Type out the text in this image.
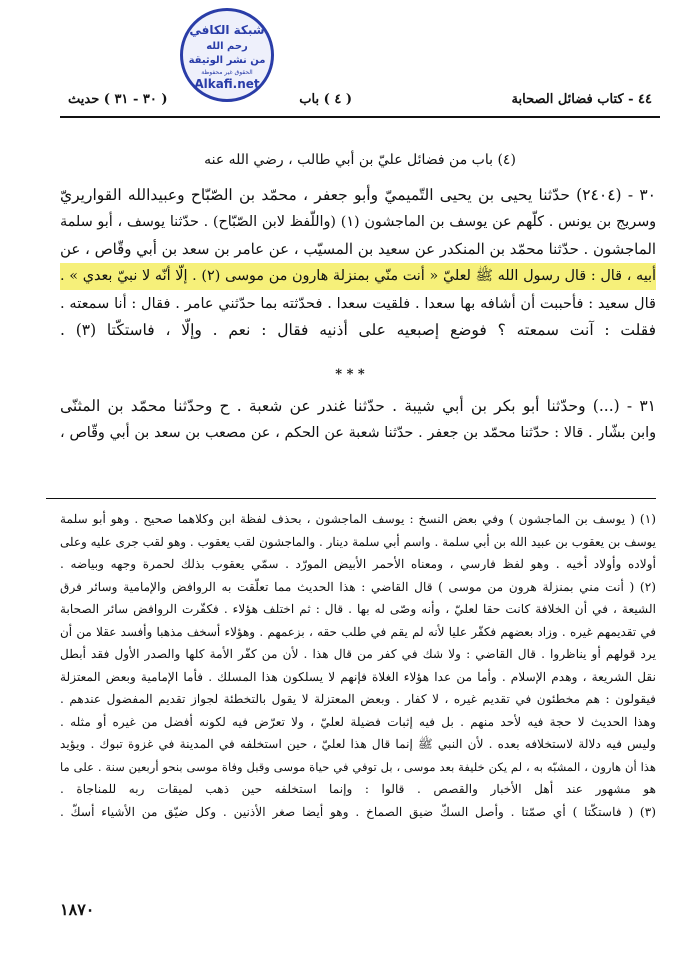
شبكة الكافي
رحم الله
من نشر الوثيقة
الحقوق غير محفوظة
Alkafi.net
٤٤ - كتاب فضائل الصحابة
( ٤ ) باب
( ٣٠ - ٣١ ) حديث
(٤) باب من فضائل عليّ بن أبي طالب ، رضي الله عنه
٣٠ - (٢٤٠٤) حدّثنا يحيى بن يحيى التّميميّ وأبو جعفر ، محمّد بن الصّبّاح وعبيدالله القواريريّ
وسريج بن يونس . كلّهم عن يوسف بن الماجشون (١) (واللّفظ لابن الصّبّاح) . حدّثنا يوسف ، أبو سلمة
الماجشون . حدّثنا محمّد بن المنكدر عن سعيد بن المسيّب ، عن عامر بن سعد بن أبي وقّاص ، عن
أبيه ، قال : قال رسول الله ﷺ لعليّ « أنت منّي بمنزلة هارون من موسى (٢) . إلّا أنّه لا نبيّ بعدي » .
قال سعيد : فأحببت أن أشافه بها سعدا . فلقيت سعدا . فحدّثته بما حدّثني عامر . فقال : أنا سمعته .
فقلت : آنت سمعته ؟ فوضع إصبعيه على أذنيه فقال : نعم . وإلّا ، فاستكّتا (٣) .
* * *
٣١ - (...) وحدّثنا أبو بكر بن أبي شيبة . حدّثنا غندر عن شعبة . ح وحدّثنا محمّد بن المثنّى
وابن بشّار . قالا : حدّثنا محمّد بن جعفر . حدّثنا شعبة عن الحكم ، عن مصعب بن سعد بن أبي وقّاص ،
(١) ( يوسف بن الماجشون ) وفي بعض النسخ : يوسف الماجشون ، بحذف لفظة ابن وكلاهما صحيح . وهو أبو سلمة
يوسف بن يعقوب بن عبيد الله بن أبي سلمة . واسم أبي سلمة دينار . والماجشون لقب يعقوب . وهو لقب جرى عليه وعلى
أولاده وأولاد أخيه . وهو لفظ فارسي ، ومعناه الأحمر الأبيض المورّد . سمّي يعقوب بذلك لحمرة وجهه وبياضه .
(٢) ( أنت مني بمنزلة هرون من موسى ) قال القاضي : هذا الحديث مما تعلّقت به الروافض والإمامية وسائر فرق
الشيعة ، في أن الخلافة كانت حقا لعليّ ، وأنه وصّى له بها . قال : ثم اختلف هؤلاء . فكفّرت الروافض سائر الصحابة
في تقديمهم غيره . وزاد بعضهم فكفّر عليا لأنه لم يقم في طلب حقه ، بزعمهم . وهؤلاء أسخف مذهبا وأفسد عقلا من أن
يرد قولهم أو يناظروا . قال القاضي : ولا شك في كفر من قال هذا . لأن من كفّر الأمة كلها والصدر الأول فقد أبطل
نقل الشريعة ، وهدم الإسلام . وأما من عدا هؤلاء الغلاة فإنهم لا يسلكون هذا المسلك . فأما الإمامية وبعض المعتزلة
فيقولون : هم مخطئون في تقديم غيره ، لا كفار . وبعض المعتزلة لا يقول بالتخطئة لجواز تقديم المفضول عندهم .
وهذا الحديث لا حجة فيه لأحد منهم . بل فيه إثبات فضيلة لعليّ ، ولا تعرّض فيه لكونه أفضل من غيره أو مثله .
وليس فيه دلالة لاستخلافه بعده . لأن النبي ﷺ إنما قال هذا لعليّ ، حين استخلفه في المدينة في غزوة تبوك . ويؤيد
هذا أن هارون ، المشبّه به ، لم يكن خليفة بعد موسى ، بل توفي في حياة موسى وقبل وفاة موسى بنحو أربعين سنة . على ما
هو مشهور عند أهل الأخبار والقصص . قالوا : وإنما استخلفه حين ذهب لميقات ربه للمناجاة .
(٣) ( فاستكّتا ) أي صمّتا . وأصل السكّ ضيق الصماخ . وهو أيضا صغر الأذنين . وكل ضيّق من الأشياء أسكّ .
١٨٧٠
